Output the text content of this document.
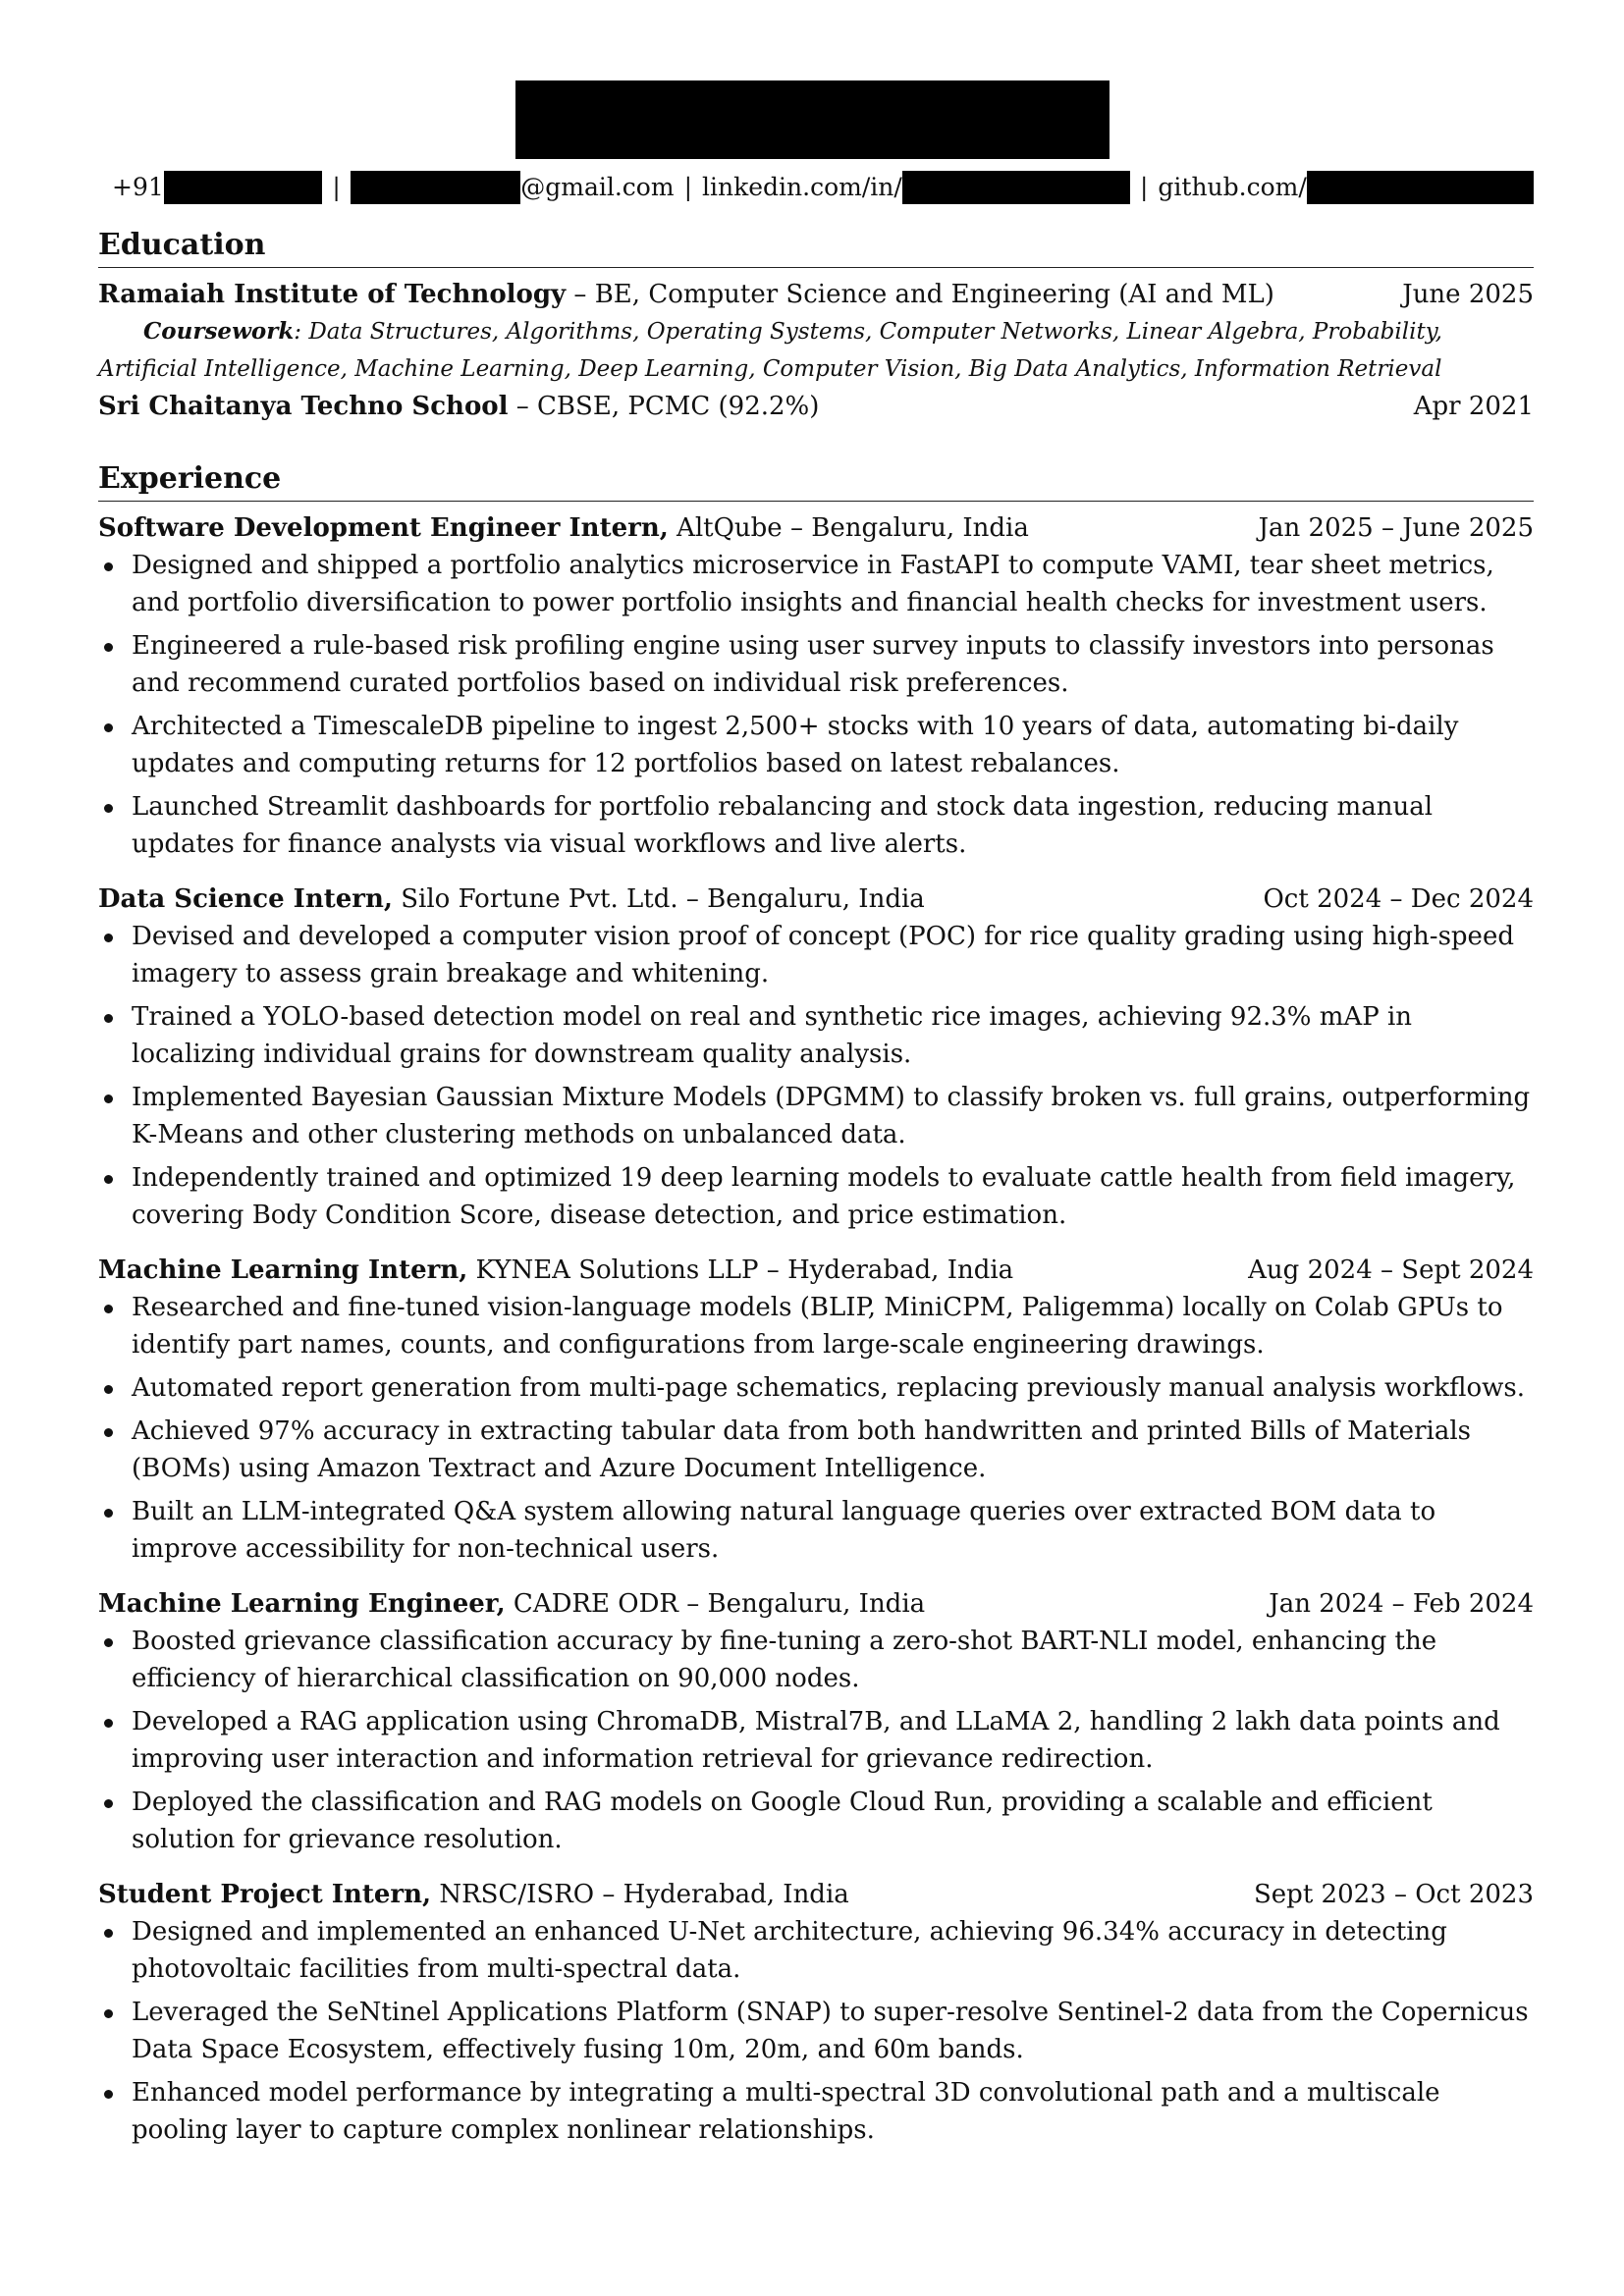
+91	|	@gmail.com | linkedin.com/in/	| github.com/
Education
Ramaiah Institute of Technology – BE, Computer Science and Engineering (AI and ML)	June 2025
Coursework: Data Structures, Algorithms, Operating Systems, Computer Networks, Linear Algebra, Probability, Artificial Intelligence, Machine Learning, Deep Learning, Computer Vision, Big Data Analytics, Information Retrieval
Sri Chaitanya Techno School – CBSE, PCMC (92.2%)	Apr 2021
Experience
Software Development Engineer Intern, AltQube – Bengaluru, India	Jan 2025 – June 2025
Designed and shipped a portfolio analytics microservice in FastAPI to compute VAMI, tear sheet metrics, and portfolio diversification to power portfolio insights and financial health checks for investment users.
Engineered a rule-based risk profiling engine using user survey inputs to classify investors into personas and recommend curated portfolios based on individual risk preferences.
Architected a TimescaleDB pipeline to ingest 2,500+ stocks with 10 years of data, automating bi-daily updates and computing returns for 12 portfolios based on latest rebalances.
Launched Streamlit dashboards for portfolio rebalancing and stock data ingestion, reducing manual updates for finance analysts via visual workflows and live alerts.
Data Science Intern, Silo Fortune Pvt. Ltd. – Bengaluru, India	Oct 2024 – Dec 2024
Devised and developed a computer vision proof of concept (POC) for rice quality grading using high-speed imagery to assess grain breakage and whitening.
Trained a YOLO-based detection model on real and synthetic rice images, achieving 92.3% mAP in localizing individual grains for downstream quality analysis.
Implemented Bayesian Gaussian Mixture Models (DPGMM) to classify broken vs. full grains, outperforming K-Means and other clustering methods on unbalanced data.
Independently trained and optimized 19 deep learning models to evaluate cattle health from field imagery, covering Body Condition Score, disease detection, and price estimation.
Machine Learning Intern, KYNEA Solutions LLP – Hyderabad, India	Aug 2024 – Sept 2024
Researched and fine-tuned vision-language models (BLIP, MiniCPM, Paligemma) locally on Colab GPUs to identify part names, counts, and configurations from large-scale engineering drawings.
Automated report generation from multi-page schematics, replacing previously manual analysis workflows.
Achieved 97% accuracy in extracting tabular data from both handwritten and printed Bills of Materials (BOMs) using Amazon Textract and Azure Document Intelligence.
Built an LLM-integrated Q&A system allowing natural language queries over extracted BOM data to improve accessibility for non-technical users.
Machine Learning Engineer, CADRE ODR – Bengaluru, India	Jan 2024 – Feb 2024
Boosted grievance classification accuracy by fine-tuning a zero-shot BART-NLI model, enhancing the efficiency of hierarchical classification on 90,000 nodes.
Developed a RAG application using ChromaDB, Mistral7B, and LLaMA 2, handling 2 lakh data points and improving user interaction and information retrieval for grievance redirection.
Deployed the classification and RAG models on Google Cloud Run, providing a scalable and efficient solution for grievance resolution.
Student Project Intern, NRSC/ISRO – Hyderabad, India	Sept 2023 – Oct 2023
Designed and implemented an enhanced U-Net architecture, achieving 96.34% accuracy in detecting photovoltaic facilities from multi-spectral data.
Leveraged the SeNtinel Applications Platform (SNAP) to super-resolve Sentinel-2 data from the Copernicus Data Space Ecosystem, effectively fusing 10m, 20m, and 60m bands.
Enhanced model performance by integrating a multi-spectral 3D convolutional path and a multiscale pooling layer to capture complex nonlinear relationships.
